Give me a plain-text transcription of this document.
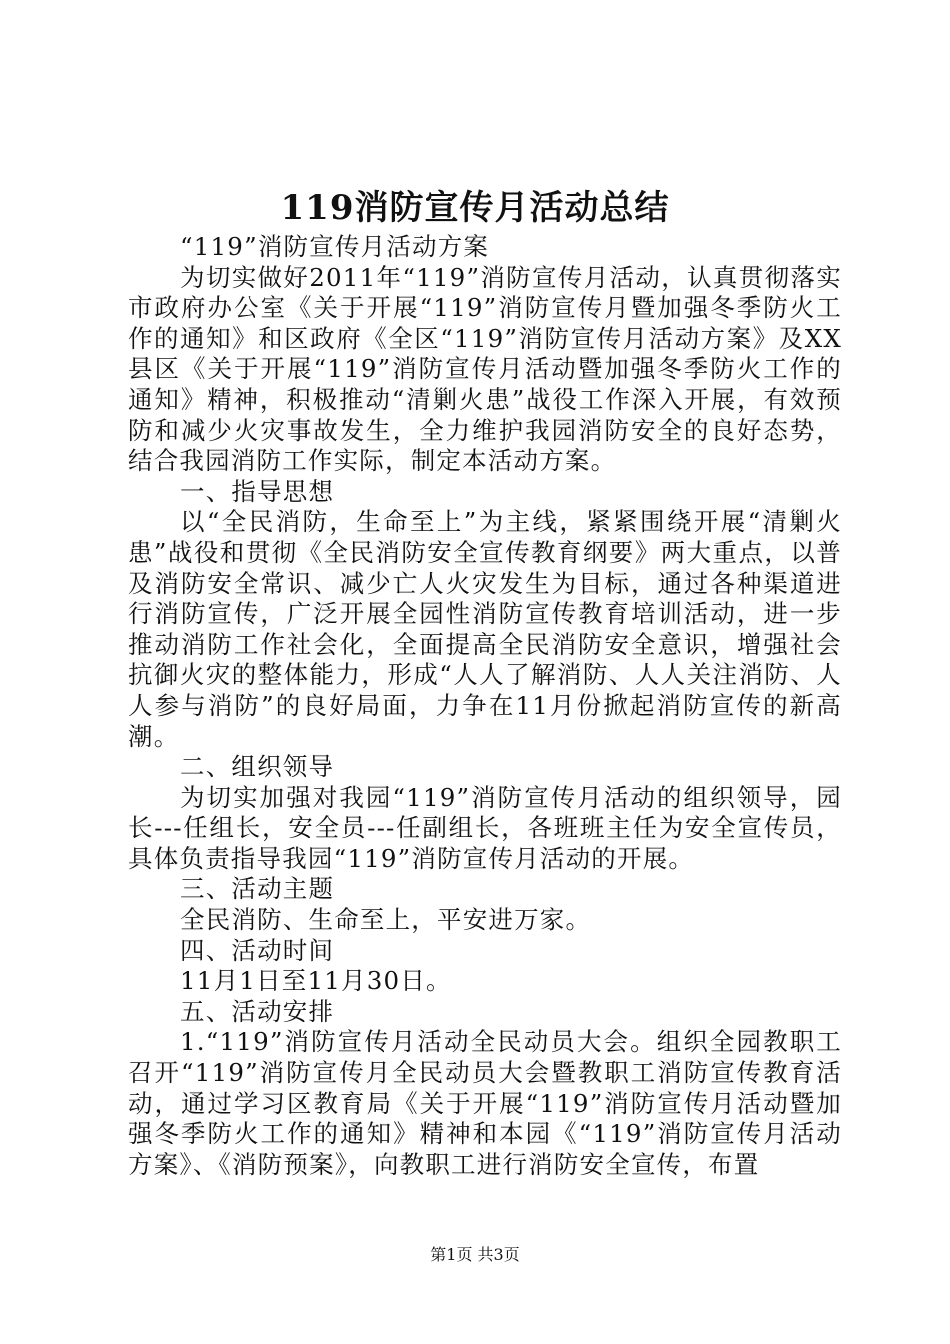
119消防宣传月活动总结

“119”消防宣传月活动方案

为切实做好2011年“119”消防宣传月活动，认真贯彻落实市政府办公室《关于开展“119”消防宣传月暨加强冬季防火工作的通知》和区政府《全区“119”消防宣传月活动方案》及XX县区《关于开展“119”消防宣传月活动暨加强冬季防火工作的通知》精神，积极推动“清剿火患”战役工作深入开展，有效预防和减少火灾事故发生，全力维护我园消防安全的良好态势，结合我园消防工作实际，制定本活动方案。

一、指导思想

以“全民消防，生命至上”为主线，紧紧围绕开展“清剿火患”战役和贯彻《全民消防安全宣传教育纲要》两大重点，以普及消防安全常识、减少亡人火灾发生为目标，通过各种渠道进行消防宣传，广泛开展全园性消防宣传教育培训活动，进一步推动消防工作社会化，全面提高全民消防安全意识，增强社会抗御火灾的整体能力，形成“人人了解消防、人人关注消防、人人参与消防”的良好局面，力争在11月份掀起消防宣传的新高潮。

二、组织领导

为切实加强对我园“119”消防宣传月活动的组织领导，园长---任组长，安全员---任副组长，各班班主任为安全宣传员，具体负责指导我园“119”消防宣传月活动的开展。

三、活动主题

全民消防、生命至上，平安进万家。

四、活动时间

11月1日至11月30日。

五、活动安排

1.“119”消防宣传月活动全民动员大会。组织全园教职工召开“119”消防宣传月全民动员大会暨教职工消防宣传教育活动，通过学习区教育局《关于开展“119”消防宣传月活动暨加强冬季防火工作的通知》精神和本园《“119”消防宣传月活动方案》、《消防预案》，向教职工进行消防安全宣传，布置

第1页 共3页
